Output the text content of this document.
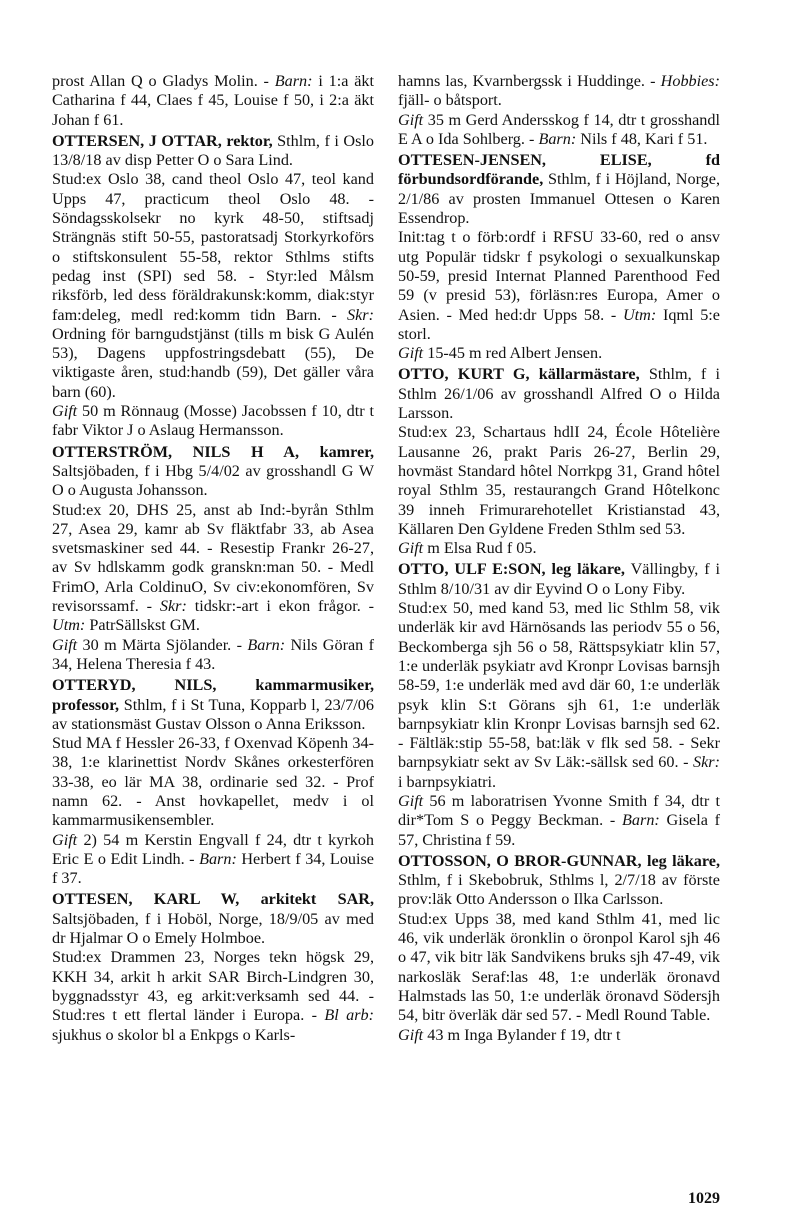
prost Allan Q o Gladys Molin. - Barn: i 1:a äkt Catharina f 44, Claes f 45, Louise f 50, i 2:a äkt Johan f 61.

OTTERSEN, J OTTAR, rektor, Sthlm, f i Oslo 13/8/18 av disp Petter O o Sara Lind.

Stud:ex Oslo 38, cand theol Oslo 47, teol kand Upps 47, practicum theol Oslo 48. - Söndagsskolsekr no kyrk 48-50, stiftsadj Strängnäs stift 50-55, pastoratsadj Storkyrkoförs o stiftskonsulent 55-58, rektor Sthlms stifts pedag inst (SPI) sed 58. - Styr:led Målsm riksförb, led dess föräldrakunsk:komm, diak:styr fam:deleg, medl red:komm tidn Barn. - Skr: Ordning för barngudstjänst (tills m bisk G Aulén 53), Dagens uppfostringsdebatt (55), De viktigaste åren, stud:handb (59), Det gäller våra barn (60).

Gift 50 m Rönnaug (Mosse) Jacobssen f 10, dtr t fabr Viktor J o Aslaug Hermansson.

OTTERSTRÖM, NILS H A, kamrer, Saltsjöbaden, f i Hbg 5/4/02 av grosshandl G W O o Augusta Johansson.

Stud:ex 20, DHS 25, anst ab Ind:-byrån Sthlm 27, Asea 29, kamr ab Sv fläktfabr 33, ab Asea svetsmaskiner sed 44. - Resestip Frankr 26-27, av Sv hdlskamm godk granskn:man 50. - Medl FrimO, Arla ColdinuO, Sv civ:ekonomfören, Sv revisorssamf. - Skr: tidskr:-art i ekon frågor. - Utm: PatrSällskst GM.

Gift 30 m Märta Sjölander. - Barn: Nils Göran f 34, Helena Theresia f 43.

OTTERYD, NILS, kammarmusiker, professor, Sthlm, f i St Tuna, Kopparb l, 23/7/06 av stationsmäst Gustav Olsson o Anna Eriksson.

Stud MA f Hessler 26-33, f Oxenvad Köpenh 34-38, 1:e klarinettist Nordv Skånes orkesterfören 33-38, eo lär MA 38, ordinarie sed 32. - Prof namn 62. - Anst hovkapellet, medv i ol kammarmusikensembler.

Gift 2) 54 m Kerstin Engvall f 24, dtr t kyrkoh Eric E o Edit Lindh. - Barn: Herbert f 34, Louise f 37.

OTTESEN, KARL W, arkitekt SAR, Saltsjöbaden, f i Hoböl, Norge, 18/9/05 av med dr Hjalmar O o Emely Holmboe.

Stud:ex Drammen 23, Norges tekn högsk 29, KKH 34, arkit h arkit SAR Birch-Lindgren 30, byggnadsstyr 43, eg arkit:verksamh sed 44. - Stud:res t ett flertal länder i Europa. - Bl arb: sjukhus o skolor bl a Enkpgs o Karls-

hamns las, Kvarnbergssk i Huddinge. - Hobbies: fjäll- o båtsport.

Gift 35 m Gerd Andersskog f 14, dtr t grosshandl E A o Ida Sohlberg. - Barn: Nils f 48, Kari f 51.

OTTESEN-JENSEN, ELISE, fd förbundsordförande, Sthlm, f i Höjland, Norge, 2/1/86 av prosten Immanuel Ottesen o Karen Essendrop.

Init:tag t o förb:ordf i RFSU 33-60, red o ansv utg Populär tidskr f psykologi o sexualkunskap 50-59, presid Internat Planned Parenthood Fed 59 (v presid 53), förläsn:res Europa, Amer o Asien. - Med hed:dr Upps 58. - Utm: Iqml 5:e storl.

Gift 15-45 m red Albert Jensen.

OTTO, KURT G, källarmästare, Sthlm, f i Sthlm 26/1/06 av grosshandl Alfred O o Hilda Larsson.

Stud:ex 23, Schartaus hdlI 24, École Hôtelière Lausanne 26, prakt Paris 26-27, Berlin 29, hovmäst Standard hôtel Norrkpg 31, Grand hôtel royal Sthlm 35, restaurangch Grand Hôtelkonc 39 inneh Frimurarehotellet Kristianstad 43, Källaren Den Gyldene Freden Sthlm sed 53.

Gift m Elsa Rud f 05.

OTTO, ULF E:SON, leg läkare, Vällingby, f i Sthlm 8/10/31 av dir Eyvind O o Lony Fiby.

Stud:ex 50, med kand 53, med lic Sthlm 58, vik underläk kir avd Härnösands las periodv 55 o 56, Beckomberga sjh 56 o 58, Rättspsykiatr klin 57, 1:e underläk psykiatr avd Kronpr Lovisas barnsjh 58-59, 1:e underläk med avd där 60, 1:e underläk psyk klin S:t Görans sjh 61, 1:e underläk barnpsykiatr klin Kronpr Lovisas barnsjh sed 62. - Fältläk:stip 55-58, bat:läk v flk sed 58. - Sekr barnpsykiatr sekt av Sv Läk:-sällsk sed 60. - Skr: i barnpsykiatri.

Gift 56 m laboratrisen Yvonne Smith f 34, dtr t dir*Tom S o Peggy Beckman. - Barn: Gisela f 57, Christina f 59.

OTTOSSON, O BROR-GUNNAR, leg läkare, Sthlm, f i Skebobruk, Sthlms l, 2/7/18 av förste prov:läk Otto Andersson o Ilka Carlsson.

Stud:ex Upps 38, med kand Sthlm 41, med lic 46, vik underläk öronklin o öronpol Karol sjh 46 o 47, vik bitr läk Sandvikens bruks sjh 47-49, vik narkosläk Seraf:las 48, 1:e underläk öronavd Halmstads las 50, 1:e underläk öronavd Södersjh 54, bitr överläk där sed 57. - Medl Round Table.

Gift 43 m Inga Bylander f 19, dtr t

1029
